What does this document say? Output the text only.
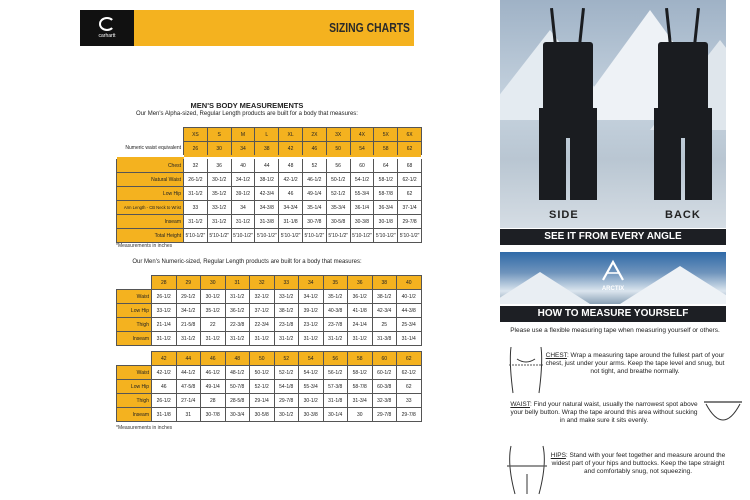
carhartt
SIZING CHARTS
MEN'S BODY MEASUREMENTS
Our Men's Alpha-sized, Regular Length products are built for a body that measures:
	XS	S	M	L	XL	2X	3X	4X	5X	6X
Numeric waist equivalent	26	30	34	38	42	46	50	54	58	62
Chest	32	36	40	44	48	52	56	60	64	68
Natural Waist	26-1/2	30-1/2	34-1/2	38-1/2	42-1/2	46-1/2	50-1/2	54-1/2	58-1/2	62-1/2
Low Hip	31-1/2	35-1/2	39-1/2	42-3/4	46	49-1/4	52-1/2	55-3/4	58-7/8	62
Arm Length - CB Neck to Wrist	33	33-1/2	34	34-3/8	34-3/4	35-1/4	35-3/4	36-1/4	36-3/4	37-1/4
Inseam	31-1/2	31-1/2	31-1/2	31-3/8	31-1/8	30-7/8	30-5/8	30-3/8	30-1/8	29-7/8
Total Height	5'10-1/2"	5'10-1/2"	5'10-1/2"	5'10-1/2"	5'10-1/2"	5'10-1/2"	5'10-1/2"	5'10-1/2"	5'10-1/2"	5'10-1/2"
*Measurements in inches
Our Men's Numeric-sized, Regular Length products are built for a body that measures:
	28	29	30	31	32	33	34	35	36	38	40
Waist	26-1/2	29-1/2	30-1/2	31-1/2	32-1/2	33-1/2	34-1/2	35-1/2	36-1/2	38-1/2	40-1/2
Low Hip	33-1/2	34-1/2	35-1/2	36-1/2	37-1/2	38-1/2	39-1/2	40-3/8	41-1/8	42-3/4	44-3/8
Thigh	21-1/4	21-5/8	22	22-3/8	22-3/4	23-1/8	23-1/2	23-7/8	24-1/4	25	25-3/4
Inseam	31-1/2	31-1/2	31-1/2	31-1/2	31-1/2	31-1/2	31-1/2	31-1/2	31-1/2	31-3/8	31-1/4
	42	44	46	48	50	52	54	56	58	60	62
Waist	42-1/2	44-1/2	46-1/2	48-1/2	50-1/2	52-1/2	54-1/2	56-1/2	58-1/2	60-1/2	62-1/2
Low Hip	46	47-5/8	49-1/4	50-7/8	52-1/2	54-1/8	55-3/4	57-3/8	58-7/8	60-3/8	62
Thigh	26-1/2	27-1/4	28	28-5/8	29-1/4	29-7/8	30-1/2	31-1/8	31-3/4	32-3/8	33
Inseam	31-1/8	31	30-7/8	30-3/4	30-5/8	30-1/2	30-3/8	30-1/4	30	29-7/8	29-7/8
*Measurements in inches
SIDE	BACK
SEE IT FROM EVERY ANGLE
ARCTIX
HOW TO MEASURE YOURSELF
Please use a flexible measuring tape when measuring yourself or others.
CHEST: Wrap a measuring tape around the fullest part of your chest, just under your arms. Keep the tape level and snug, but not tight, and breathe normally.
WAIST: Find your natural waist, usually the narrowest spot above your belly button. Wrap the tape around this area without sucking in and make sure it sits evenly.
HIPS: Stand with your feet together and measure around the widest part of your hips and buttocks. Keep the tape straight and comfortably snug, not squeezing.
